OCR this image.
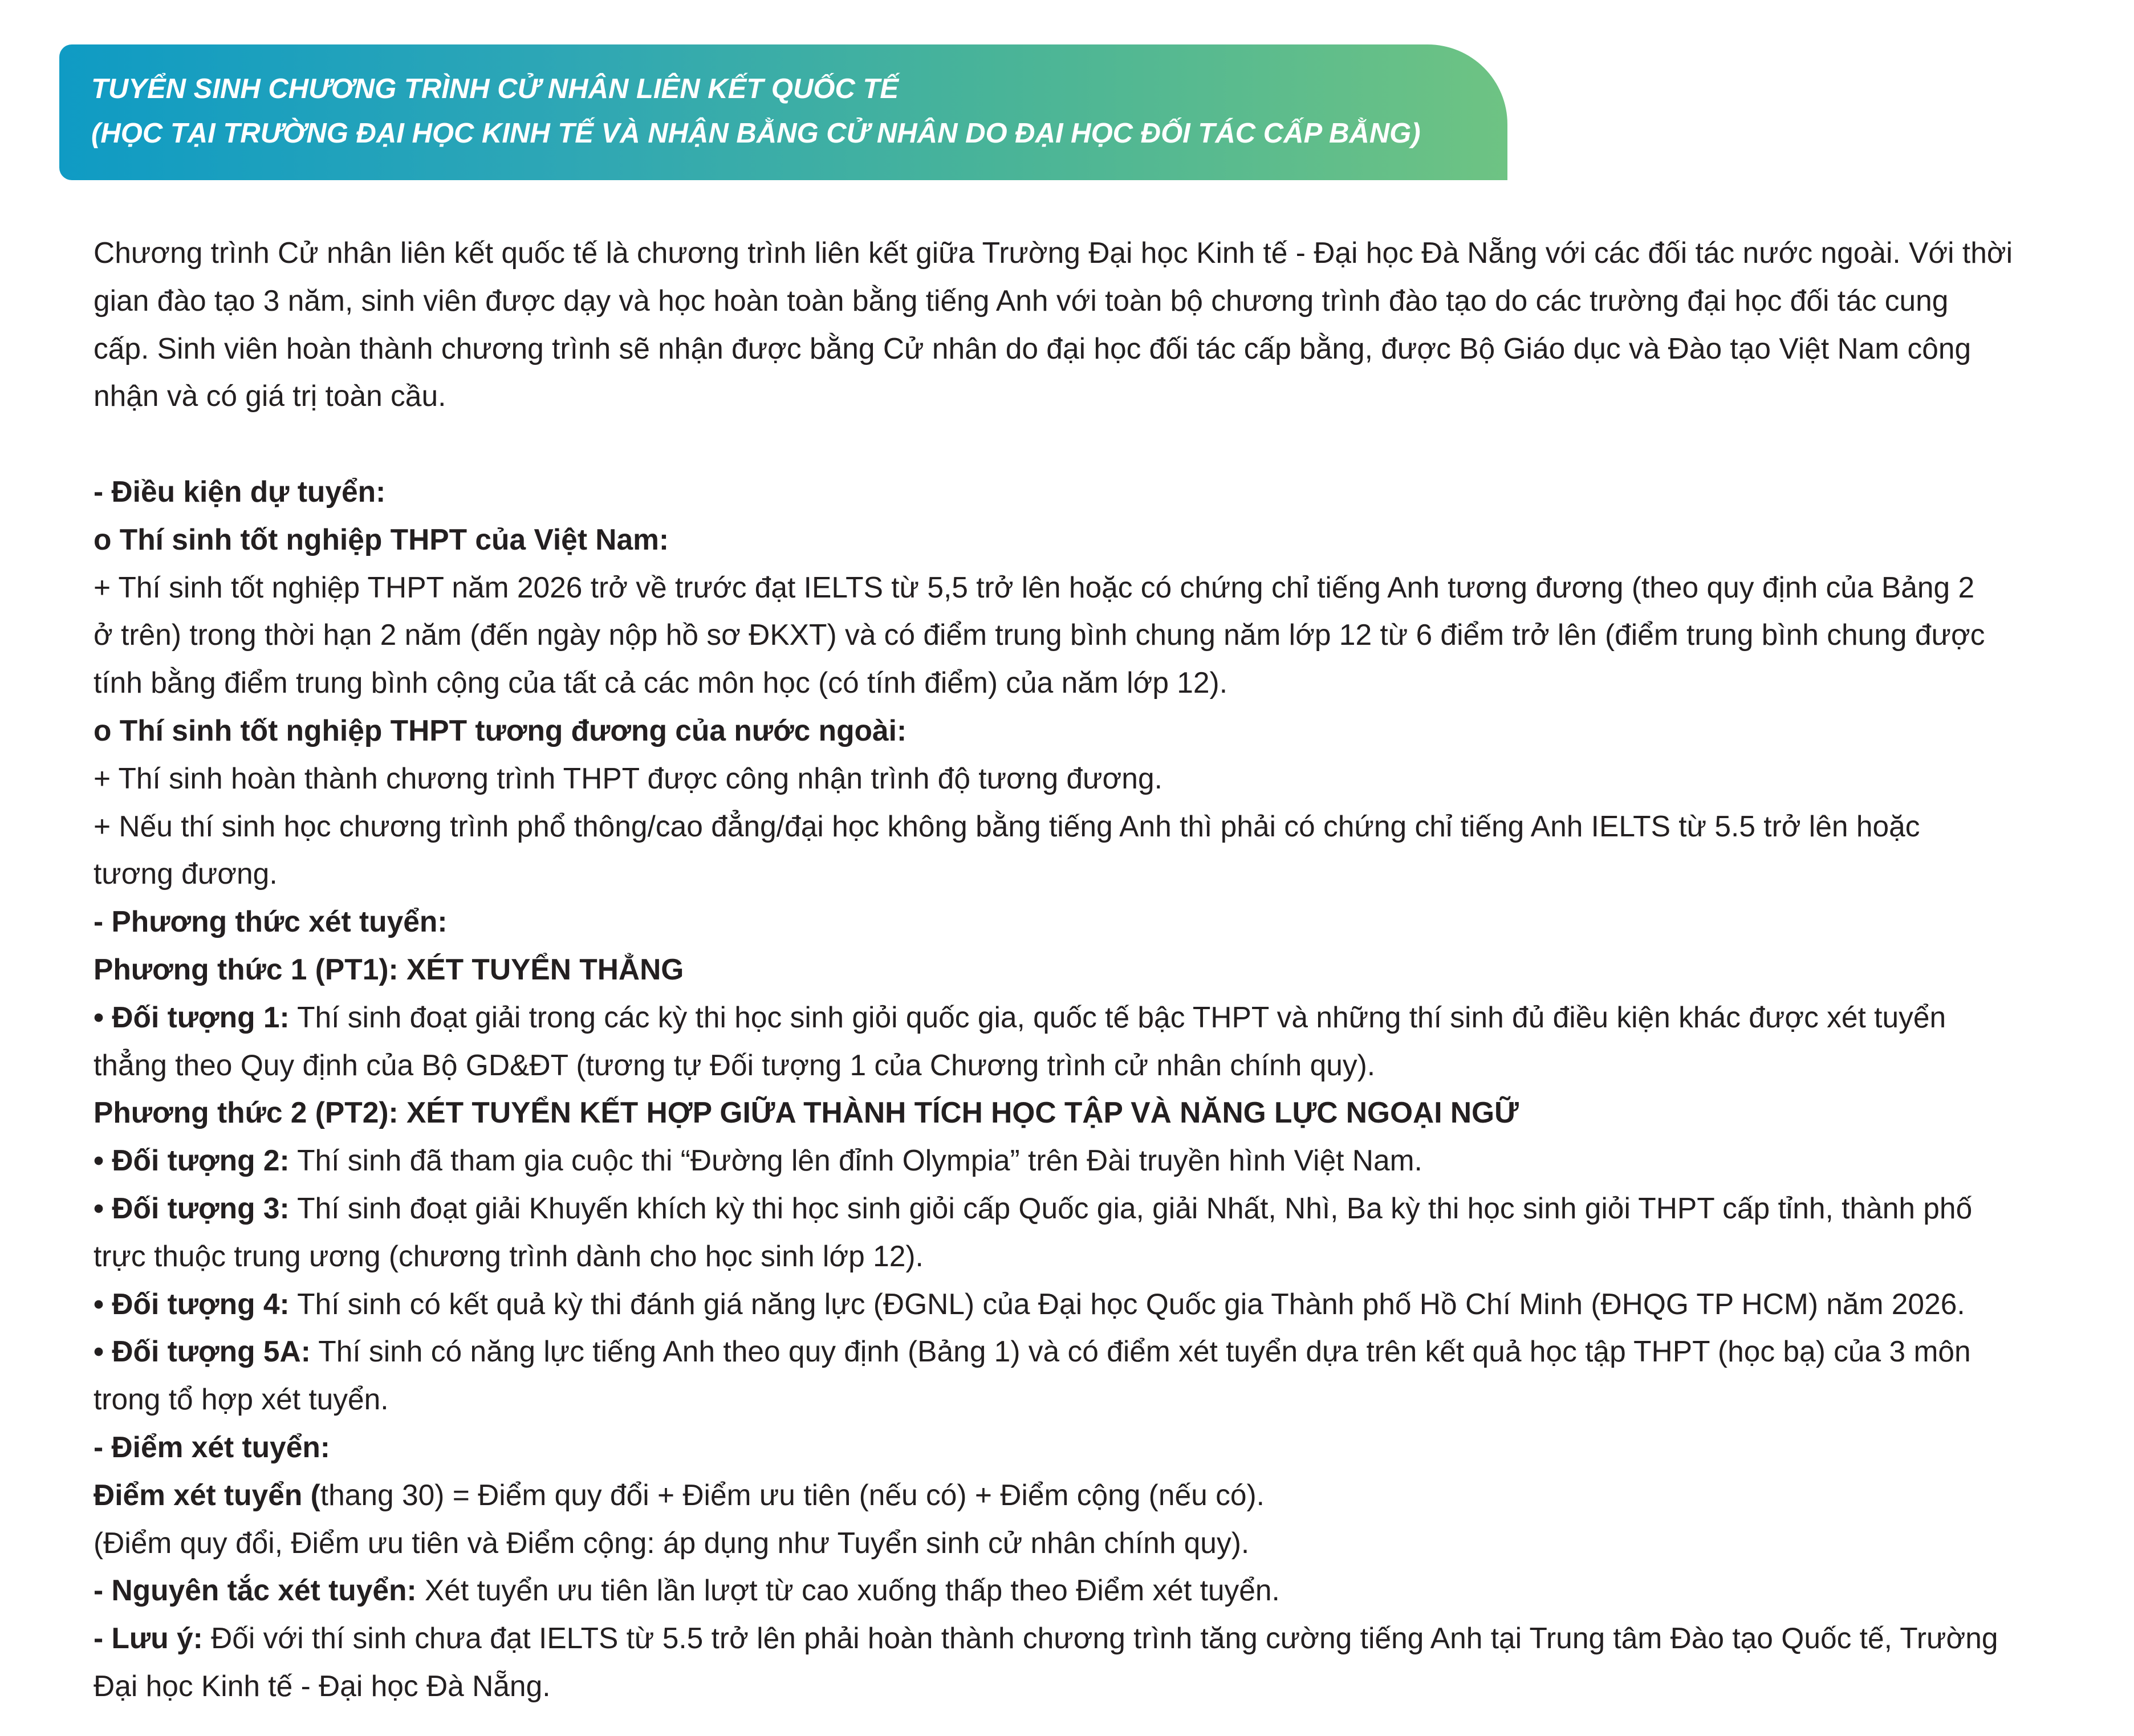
TUYỂN SINH CHƯƠNG TRÌNH CỬ NHÂN LIÊN KẾT QUỐC TẾ
(HỌC TẠI TRƯỜNG ĐẠI HỌC KINH TẾ VÀ NHẬN BẰNG CỬ NHÂN DO ĐẠI HỌC ĐỐI TÁC CẤP BẰNG)

Chương trình Cử nhân liên kết quốc tế là chương trình liên kết giữa Trường Đại học Kinh tế - Đại học Đà Nẵng với các đối tác nước ngoài. Với thời

gian đào tạo 3 năm, sinh viên được dạy và học hoàn toàn bằng tiếng Anh với toàn bộ chương trình đào tạo do các trường đại học đối tác cung

cấp. Sinh viên hoàn thành chương trình sẽ nhận được bằng Cử nhân do đại học đối tác cấp bằng, được Bộ Giáo dục và Đào tạo Việt Nam công

nhận và có giá trị toàn cầu.

- Điều kiện dự tuyển:

o Thí sinh tốt nghiệp THPT của Việt Nam:

+ Thí sinh tốt nghiệp THPT năm 2026 trở về trước đạt IELTS từ 5,5 trở lên hoặc có chứng chỉ tiếng Anh tương đương (theo quy định của Bảng 2

ở trên) trong thời hạn 2 năm (đến ngày nộp hồ sơ ĐKXT) và có điểm trung bình chung năm lớp 12 từ 6 điểm trở lên (điểm trung bình chung được

tính bằng điểm trung bình cộng của tất cả các môn học (có tính điểm) của năm lớp 12).

o Thí sinh tốt nghiệp THPT tương đương của nước ngoài:

+ Thí sinh hoàn thành chương trình THPT được công nhận trình độ tương đương.

+ Nếu thí sinh học chương trình phổ thông/cao đẳng/đại học không bằng tiếng Anh thì phải có chứng chỉ tiếng Anh IELTS từ 5.5 trở lên hoặc

tương đương.

- Phương thức xét tuyển:

Phương thức 1 (PT1): XÉT TUYỂN THẲNG

• Đối tượng 1: Thí sinh đoạt giải trong các kỳ thi học sinh giỏi quốc gia, quốc tế bậc THPT và những thí sinh đủ điều kiện khác được xét tuyển

thẳng theo Quy định của Bộ GD&ĐT (tương tự Đối tượng 1 của Chương trình cử nhân chính quy).

Phương thức 2 (PT2): XÉT TUYỂN KẾT HỢP GIỮA THÀNH TÍCH HỌC TẬP VÀ NĂNG LỰC NGOẠI NGỮ

• Đối tượng 2: Thí sinh đã tham gia cuộc thi “Đường lên đỉnh Olympia” trên Đài truyền hình Việt Nam.

• Đối tượng 3: Thí sinh đoạt giải Khuyến khích kỳ thi học sinh giỏi cấp Quốc gia, giải Nhất, Nhì, Ba kỳ thi học sinh giỏi THPT cấp tỉnh, thành phố

trực thuộc trung ương (chương trình dành cho học sinh lớp 12).

• Đối tượng 4: Thí sinh có kết quả kỳ thi đánh giá năng lực (ĐGNL) của Đại học Quốc gia Thành phố Hồ Chí Minh (ĐHQG TP HCM) năm 2026.

• Đối tượng 5A: Thí sinh có năng lực tiếng Anh theo quy định (Bảng 1) và có điểm xét tuyển dựa trên kết quả học tập THPT (học bạ) của 3 môn

trong tổ hợp xét tuyển.

- Điểm xét tuyển:

Điểm xét tuyển (thang 30) = Điểm quy đổi + Điểm ưu tiên (nếu có) + Điểm cộng (nếu có).

(Điểm quy đổi, Điểm ưu tiên và Điểm cộng: áp dụng như Tuyển sinh cử nhân chính quy).

- Nguyên tắc xét tuyển: Xét tuyển ưu tiên lần lượt từ cao xuống thấp theo Điểm xét tuyển.

- Lưu ý: Đối với thí sinh chưa đạt IELTS từ 5.5 trở lên phải hoàn thành chương trình tăng cường tiếng Anh tại Trung tâm Đào tạo Quốc tế, Trường

Đại học Kinh tế - Đại học Đà Nẵng.
